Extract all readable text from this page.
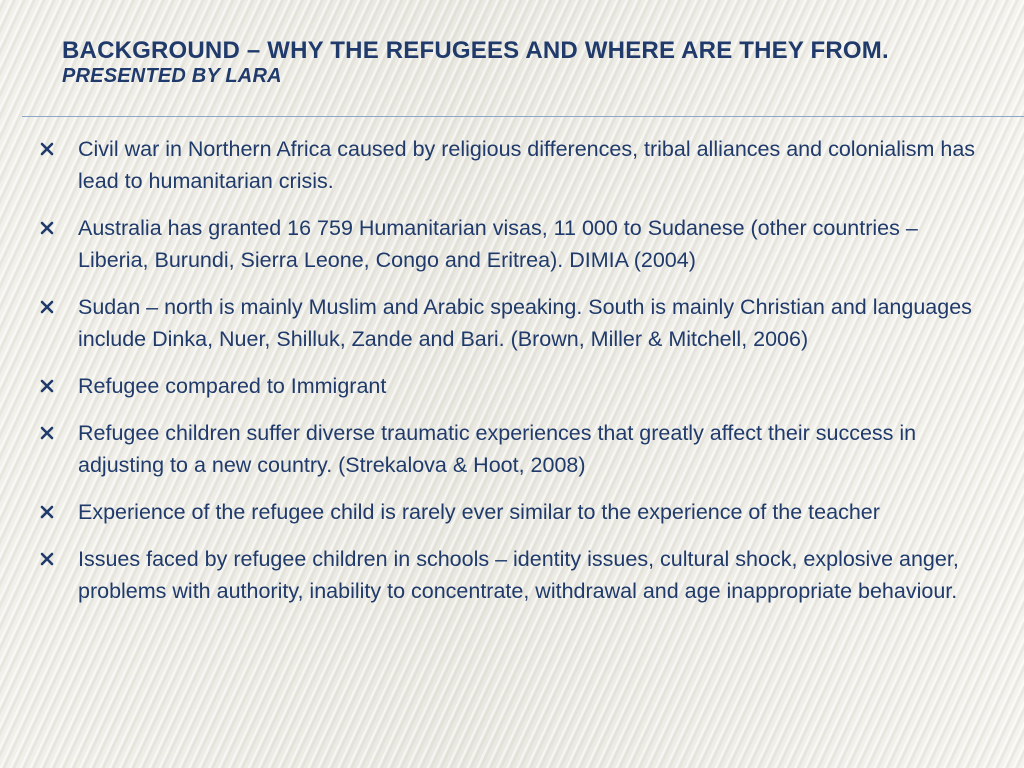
BACKGROUND – WHY THE REFUGEES AND WHERE ARE THEY FROM.
PRESENTED BY LARA
Civil war in Northern Africa caused by religious differences, tribal alliances and colonialism has lead to humanitarian crisis.
Australia has granted 16 759 Humanitarian visas, 11 000 to Sudanese (other countries – Liberia, Burundi, Sierra Leone, Congo and Eritrea). DIMIA (2004)
Sudan – north is mainly Muslim and Arabic speaking. South is mainly Christian and languages include Dinka, Nuer, Shilluk, Zande and Bari. (Brown, Miller & Mitchell, 2006)
Refugee compared to Immigrant
Refugee children suffer diverse traumatic experiences that greatly affect their success in adjusting to a new country. (Strekalova & Hoot, 2008)
Experience of the refugee child is rarely ever similar to the experience of the teacher
Issues faced by refugee children in schools – identity issues, cultural shock, explosive anger, problems with authority, inability to concentrate, withdrawal and age inappropriate behaviour.
